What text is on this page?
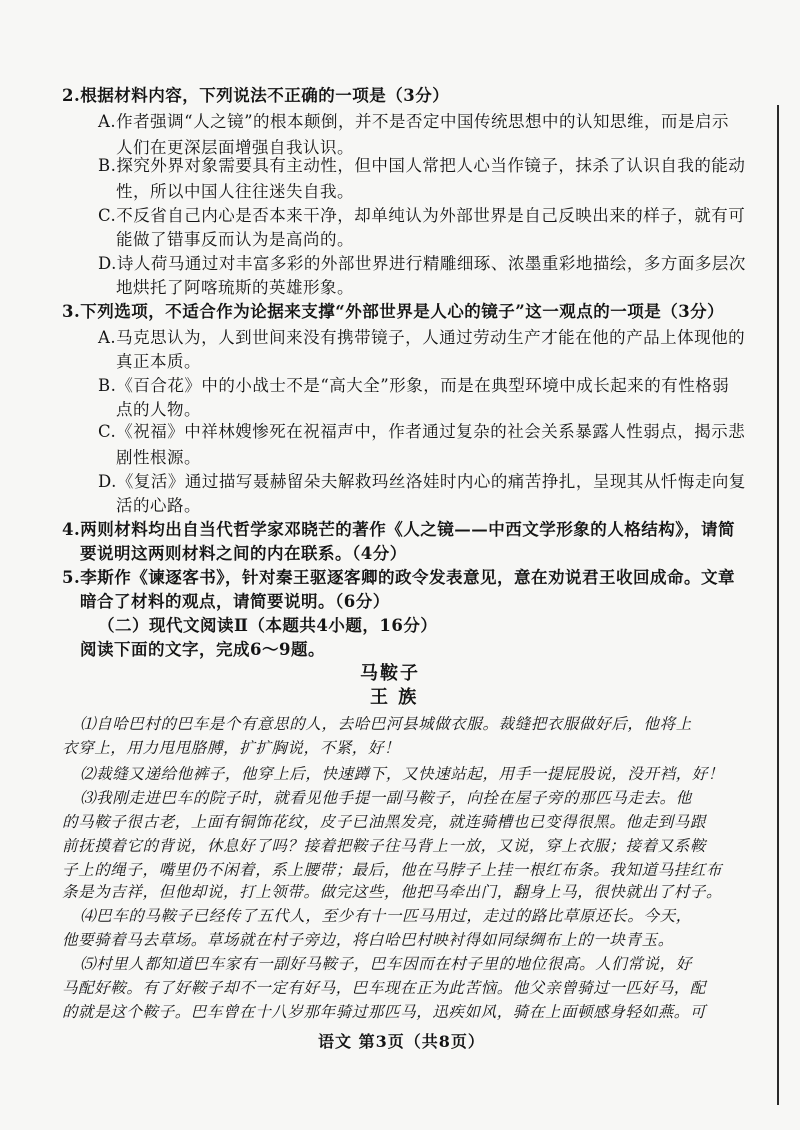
2.根据材料内容，下列说法不正确的一项是（3分）
A.作者强调“人之镜”的根本颠倒，并不是否定中国传统思想中的认知思维，而是启示
人们在更深层面增强自我认识。
B.探究外界对象需要具有主动性，但中国人常把人心当作镜子，抹杀了认识自我的能动
性，所以中国人往往迷失自我。
C.不反省自己内心是否本来干净，却单纯认为外部世界是自己反映出来的样子，就有可
能做了错事反而认为是高尚的。
D.诗人荷马通过对丰富多彩的外部世界进行精雕细琢、浓墨重彩地描绘，多方面多层次
地烘托了阿喀琉斯的英雄形象。
3.下列选项，不适合作为论据来支撑“外部世界是人心的镜子”这一观点的一项是（3分）
A.马克思认为，人到世间来没有携带镜子，人通过劳动生产才能在他的产品上体现他的
真正本质。
B.《百合花》中的小战士不是“高大全”形象，而是在典型环境中成长起来的有性格弱
点的人物。
C.《祝福》中祥林嫂惨死在祝福声中，作者通过复杂的社会关系暴露人性弱点，揭示悲
剧性根源。
D.《复活》通过描写聂赫留朵夫解救玛丝洛娃时内心的痛苦挣扎，呈现其从忏悔走向复
活的心路。
4.两则材料均出自当代哲学家邓晓芒的著作《人之镜——中西文学形象的人格结构》，请简
要说明这两则材料之间的内在联系。（4分）
5.李斯作《谏逐客书》，针对秦王驱逐客卿的政令发表意见，意在劝说君王收回成命。文章
暗合了材料的观点，请简要说明。（6分）
（二）现代文阅读Ⅱ（本题共4小题，16分）
阅读下面的文字，完成6～9题。
马鞍子
王 族
⑴自哈巴村的巴车是个有意思的人，去哈巴河县城做衣服。裁缝把衣服做好后，他将上
衣穿上，用力甩甩胳膊，扩扩胸说，不紧，好！
⑵裁缝又递给他裤子，他穿上后，快速蹲下，又快速站起，用手一提屁股说，没开裆，好！
⑶我刚走进巴车的院子时，就看见他手提一副马鞍子，向拴在屋子旁的那匹马走去。他
的马鞍子很古老，上面有铜饰花纹，皮子已油黑发亮，就连骑槽也已变得很黑。他走到马跟
前抚摸着它的背说，休息好了吗？接着把鞍子往马背上一放，又说，穿上衣服；接着又系鞍
子上的绳子，嘴里仍不闲着，系上腰带；最后，他在马脖子上挂一根红布条。我知道马挂红布
条是为吉祥，但他却说，打上领带。做完这些，他把马牵出门，翻身上马，很快就出了村子。
⑷巴车的马鞍子已经传了五代人，至少有十一匹马用过，走过的路比草原还长。今天，
他要骑着马去草场。草场就在村子旁边，将白哈巴村映衬得如同绿绸布上的一块青玉。
⑸村里人都知道巴车家有一副好马鞍子，巴车因而在村子里的地位很高。人们常说，好
马配好鞍。有了好鞍子却不一定有好马，巴车现在正为此苦恼。他父亲曾骑过一匹好马，配
的就是这个鞍子。巴车曾在十八岁那年骑过那匹马，迅疾如风，骑在上面顿感身轻如燕。可
语文 第3页（共8页）
